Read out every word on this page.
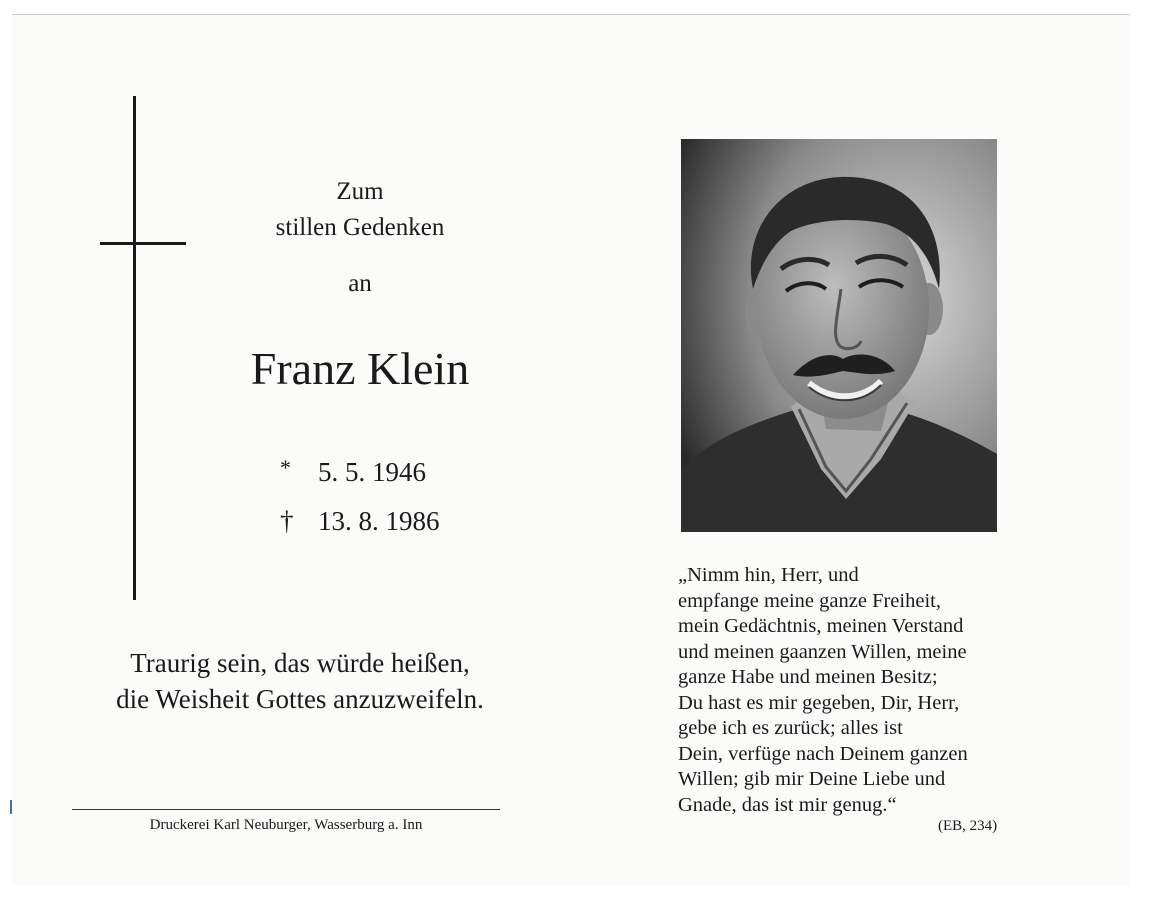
Zum
stillen Gedenken
an
Franz Klein
* 5. 5. 1946
† 13. 8. 1986
Traurig sein, das würde heißen,
die Weisheit Gottes anzuzweifeln.
Druckerei Karl Neuburger, Wasserburg a. Inn
„Nimm hin, Herr, und
empfange meine ganze Freiheit,
mein Gedächtnis, meinen Verstand
und meinen gaanzen Willen, meine
ganze Habe und meinen Besitz;
Du hast es mir gegeben, Dir, Herr,
gebe ich es zurück; alles ist
Dein, verfüge nach Deinem ganzen
Willen; gib mir Deine Liebe und
Gnade, das ist mir genug.“
(EB, 234)
